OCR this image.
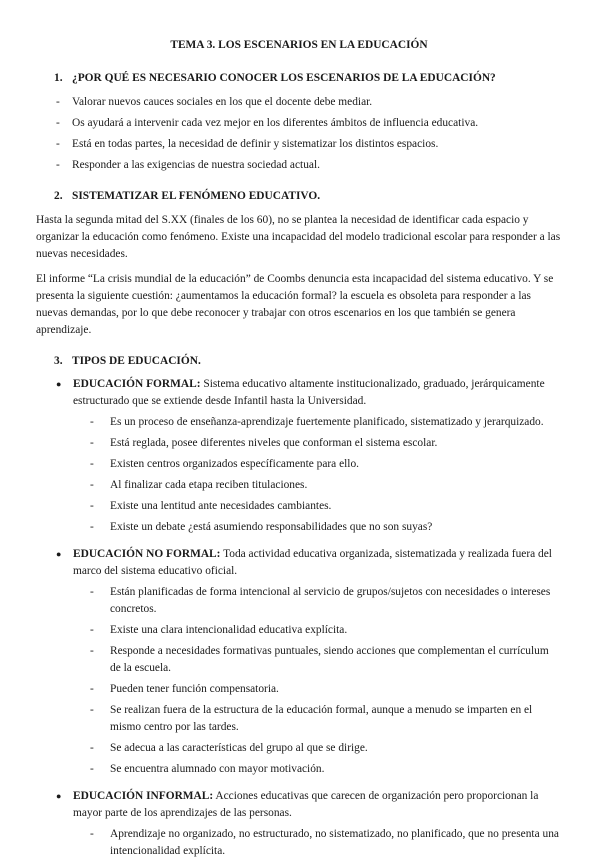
TEMA 3. LOS ESCENARIOS EN LA EDUCACIÓN
1. ¿POR QUÉ ES NECESARIO CONOCER LOS ESCENARIOS DE LA EDUCACIÓN?
-	Valorar nuevos cauces sociales en los que el docente debe mediar.
-	Os ayudará a intervenir cada vez mejor en los diferentes ámbitos de influencia educativa.
-	Está en todas partes, la necesidad de definir y sistematizar los distintos espacios.
-	Responder a las exigencias de nuestra sociedad actual.
2. SISTEMATIZAR EL FENÓMENO EDUCATIVO.

Hasta la segunda mitad del S.XX (finales de los 60), no se plantea la necesidad de identificar cada espacio y organizar la educación como fenómeno. Existe una incapacidad del modelo tradicional escolar para responder a las nuevas necesidades.

El informe “La crisis mundial de la educación” de Coombs denuncia esta incapacidad del sistema educativo. Y se presenta la siguiente cuestión: ¿aumentamos la educación formal? la escuela es obsoleta para responder a las nuevas demandas, por lo que debe reconocer y trabajar con otros escenarios en los que también se genera aprendizaje.

3. TIPOS DE EDUCACIÓN.
●	EDUCACIÓN FORMAL: Sistema educativo altamente institucionalizado, graduado, jerárquicamente estructurado que se extiende desde Infantil hasta la Universidad.
-	Es un proceso de enseñanza-aprendizaje fuertemente planificado, sistematizado y jerarquizado.
-	Está reglada, posee diferentes niveles que conforman el sistema escolar.
-	Existen centros organizados específicamente para ello.
-	Al finalizar cada etapa reciben titulaciones.
-	Existe una lentitud ante necesidades cambiantes.
-	Existe un debate ¿está asumiendo responsabilidades que no son suyas?
●	EDUCACIÓN NO FORMAL: Toda actividad educativa organizada, sistematizada y realizada fuera del marco del sistema educativo oficial.
-	Están planificadas de forma intencional al servicio de grupos/sujetos con necesidades o intereses concretos.
-	Existe una clara intencionalidad educativa explícita.
-	Responde a necesidades formativas puntuales, siendo acciones que complementan el currículum de la escuela.
-	Pueden tener función compensatoria.
-	Se realizan fuera de la estructura de la educación formal, aunque a menudo se imparten en el mismo centro por las tardes.
-	Se adecua a las características del grupo al que se dirige.
-	Se encuentra alumnado con mayor motivación.
●	EDUCACIÓN INFORMAL: Acciones educativas que carecen de organización pero proporcionan la mayor parte de los aprendizajes de las personas.
-	Aprendizaje no organizado, no estructurado, no sistematizado, no planificado, que no presenta una intencionalidad explícita.
